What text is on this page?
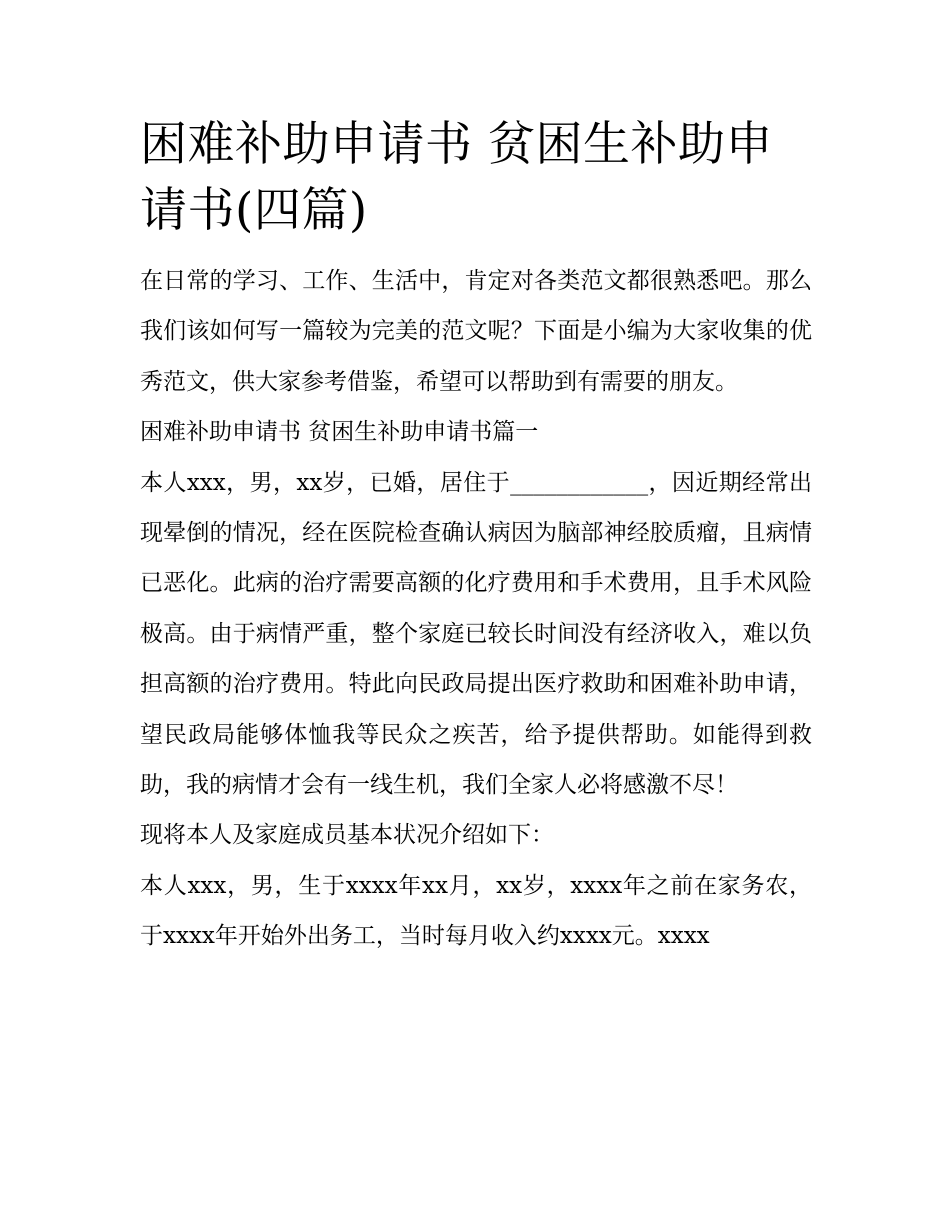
困难补助申请书 贫困生补助申请书(四篇)

在日常的学习、工作、生活中，肯定对各类范文都很熟悉吧。那么我们该如何写一篇较为完美的范文呢？下面是小编为大家收集的优秀范文，供大家参考借鉴，希望可以帮助到有需要的朋友。

困难补助申请书 贫困生补助申请书篇一

本人xxx，男，xx岁，已婚，居住于____________，因近期经常出现晕倒的情况，经在医院检查确认病因为脑部神经胶质瘤，且病情已恶化。此病的治疗需要高额的化疗费用和手术费用，且手术风险极高。由于病情严重，整个家庭已较长时间没有经济收入，难以负担高额的治疗费用。特此向民政局提出医疗救助和困难补助申请，望民政局能够体恤我等民众之疾苦，给予提供帮助。如能得到救助，我的病情才会有一线生机，我们全家人必将感激不尽！

现将本人及家庭成员基本状况介绍如下：

本人xxx，男，生于xxxx年xx月，xx岁，xxxx年之前在家务农，于xxxx年开始外出务工，当时每月收入约xxxx元。xxxx
